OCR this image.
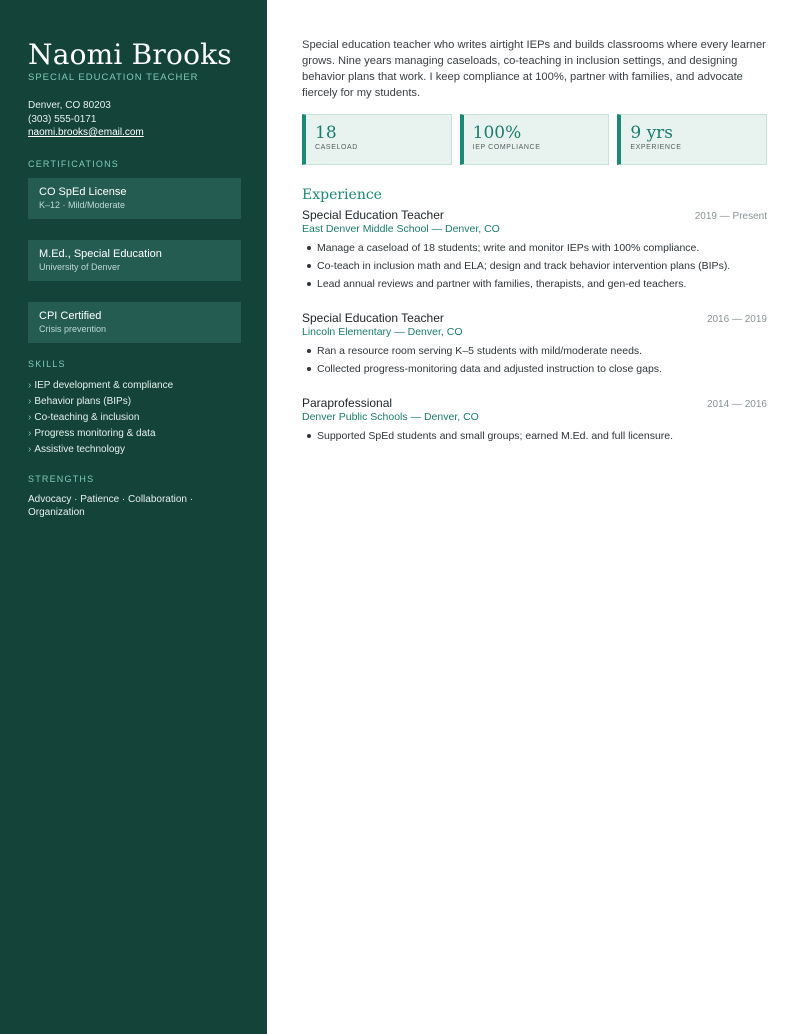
Naomi Brooks
SPECIAL EDUCATION TEACHER
Denver, CO 80203
(303) 555-0171
naomi.brooks@email.com
CERTIFICATIONS
CO SpEd License
K–12 · Mild/Moderate
M.Ed., Special Education
University of Denver
CPI Certified
Crisis prevention
SKILLS
› IEP development & compliance
› Behavior plans (BIPs)
› Co-teaching & inclusion
› Progress monitoring & data
› Assistive technology
STRENGTHS
Advocacy · Patience · Collaboration · Organization

Special education teacher who writes airtight IEPs and builds classrooms where every learner grows. Nine years managing caseloads, co-teaching in inclusion settings, and designing behavior plans that work. I keep compliance at 100%, partner with families, and advocate fiercely for my students.

18
CASELOAD
100%
IEP COMPLIANCE
9 yrs
EXPERIENCE
Experience
Special Education Teacher	2019 — Present
East Denver Middle School — Denver, CO
Manage a caseload of 18 students; write and monitor IEPs with 100% compliance.
Co-teach in inclusion math and ELA; design and track behavior intervention plans (BIPs).
Lead annual reviews and partner with families, therapists, and gen-ed teachers.
Special Education Teacher	2016 — 2019
Lincoln Elementary — Denver, CO
Ran a resource room serving K–5 students with mild/moderate needs.
Collected progress-monitoring data and adjusted instruction to close gaps.
Paraprofessional	2014 — 2016
Denver Public Schools — Denver, CO
Supported SpEd students and small groups; earned M.Ed. and full licensure.
